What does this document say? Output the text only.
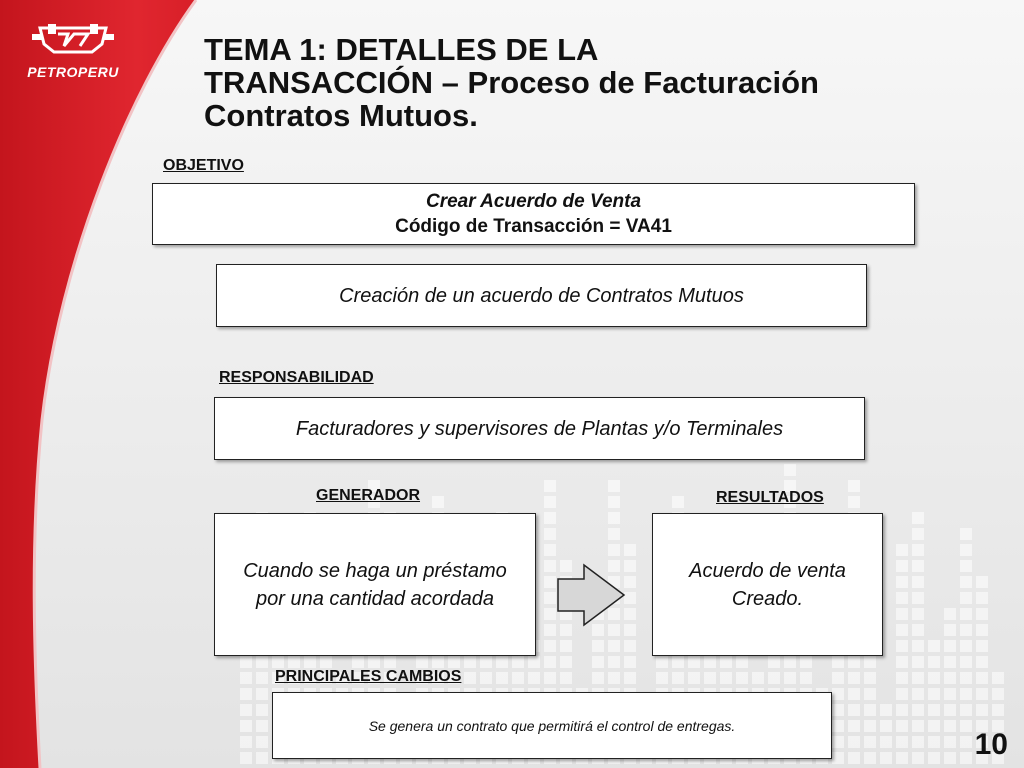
PETROPERU
TEMA 1: DETALLES DE LA
TRANSACCIÓN – Proceso de Facturación
Contratos Mutuos.
OBJETIVO
Crear Acuerdo de Venta
Código de Transacción = VA41
Creación de un acuerdo de Contratos Mutuos
RESPONSABILIDAD
Facturadores y supervisores de Plantas y/o Terminales
GENERADOR
Cuando se haga un préstamo
por una cantidad acordada
RESULTADOS
Acuerdo de venta
Creado.
PRINCIPALES CAMBIOS
Se genera un contrato que permitirá el control de entregas.
10
